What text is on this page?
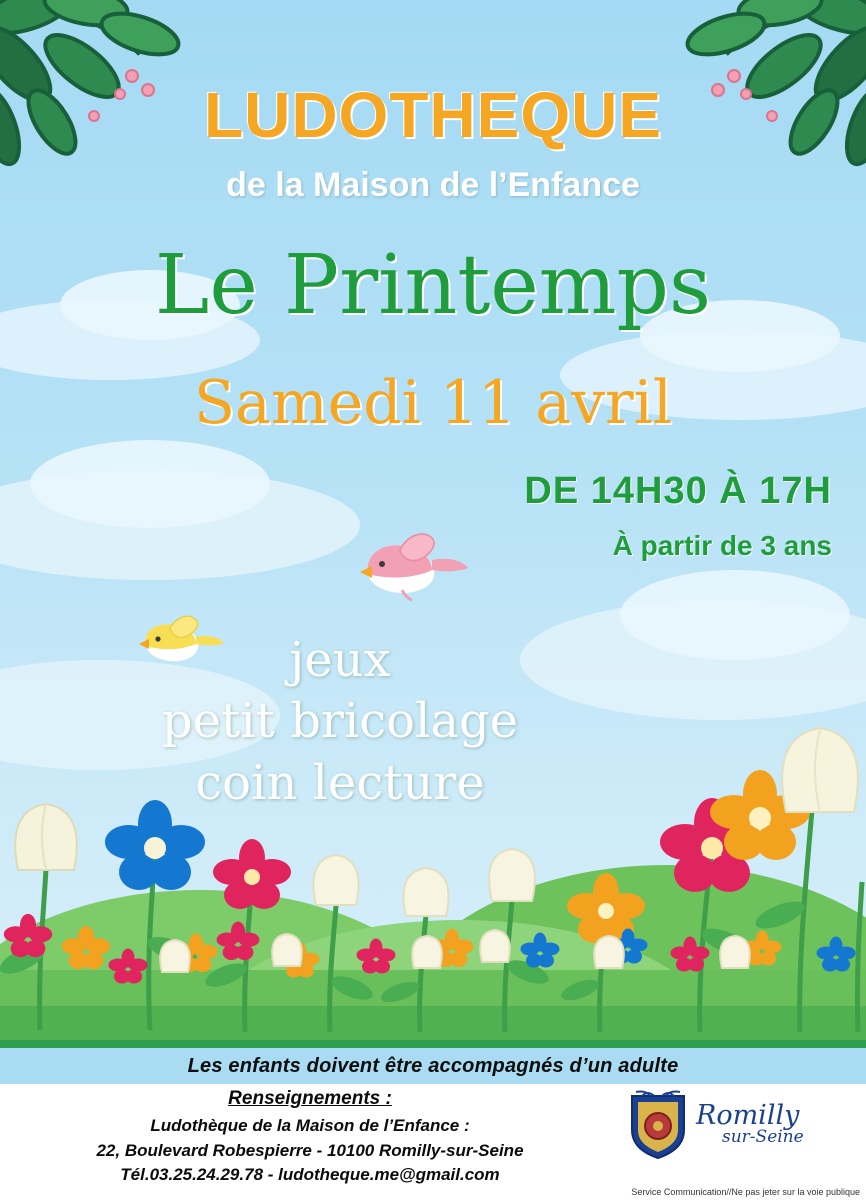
LUDOTHEQUE
de la Maison de l’Enfance
Le Printemps
Samedi 11 avril
DE 14H30 À 17H
À partir de 3 ans
jeux
petit bricolage
coin lecture
Les enfants doivent être accompagnés d’un adulte
Renseignements :
Ludothèque de la Maison de l’Enfance :
22, Boulevard Robespierre - 10100 Romilly-sur-Seine
Tél.03.25.24.29.78 - ludotheque.me@gmail.com
Romilly
sur-Seine
Service Communication//Ne pas jeter sur la voie publique
